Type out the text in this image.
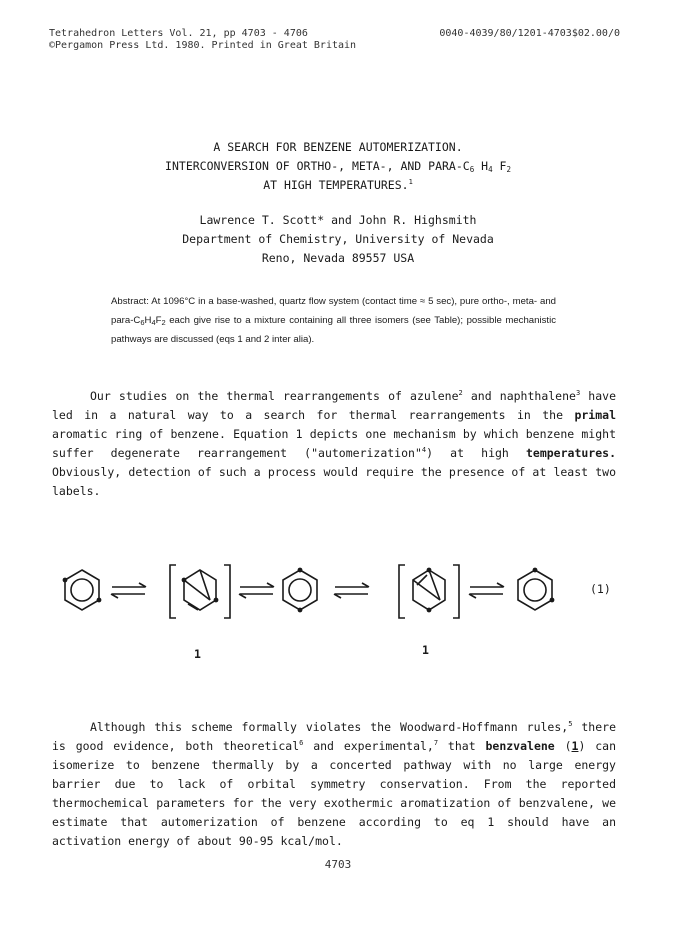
Tetrahedron Letters Vol. 21, pp 4703 - 4706
©Pergamon Press Ltd. 1980. Printed in Great Britain
0040-4039/80/1201-4703$02.00/0
A SEARCH FOR BENZENE AUTOMERIZATION.
INTERCONVERSION OF ORTHO-, META-, AND PARA-$C_6$ $H_4$ $F_2$
AT HIGH TEMPERATURES.$^1$
Lawrence T. Scott* and John R. Highsmith
Department of Chemistry, University of Nevada
Reno, Nevada 89557 USA
Abstract: At 1096°C in a base-washed, quartz flow system (contact time ≈ 5 sec), pure ortho-, meta- and para-$C_6H_4F_2$ each give rise to a mixture containing all three isomers (see Table); possible mechanistic pathways are discussed (eqs 1 and 2 inter alia).
Our studies on the thermal rearrangements of azulene$^2$ and naphthalene$^3$ have led in a natural way to a search for thermal rearrangements in the primal aromatic ring of benzene. Equation 1 depicts one mechanism by which benzene might suffer degenerate rearrangement ("automerization"$^4$) at high temperatures. Obviously, detection of such a process would require the presence of at least two labels.
1	1
(1)
Although this scheme formally violates the Woodward-Hoffmann rules,$^5$ there is good evidence, both theoretical$^6$ and experimental,$^7$ that benzvalene (1) can isomerize to benzene thermally by a concerted pathway with no large energy barrier due to lack of orbital symmetry conservation. From the reported thermochemical parameters for the very exothermic aromatization of benzvalene, we estimate that automerization of benzene according to eq 1 should have an activation energy of about 90-95 kcal/mol.
4703
